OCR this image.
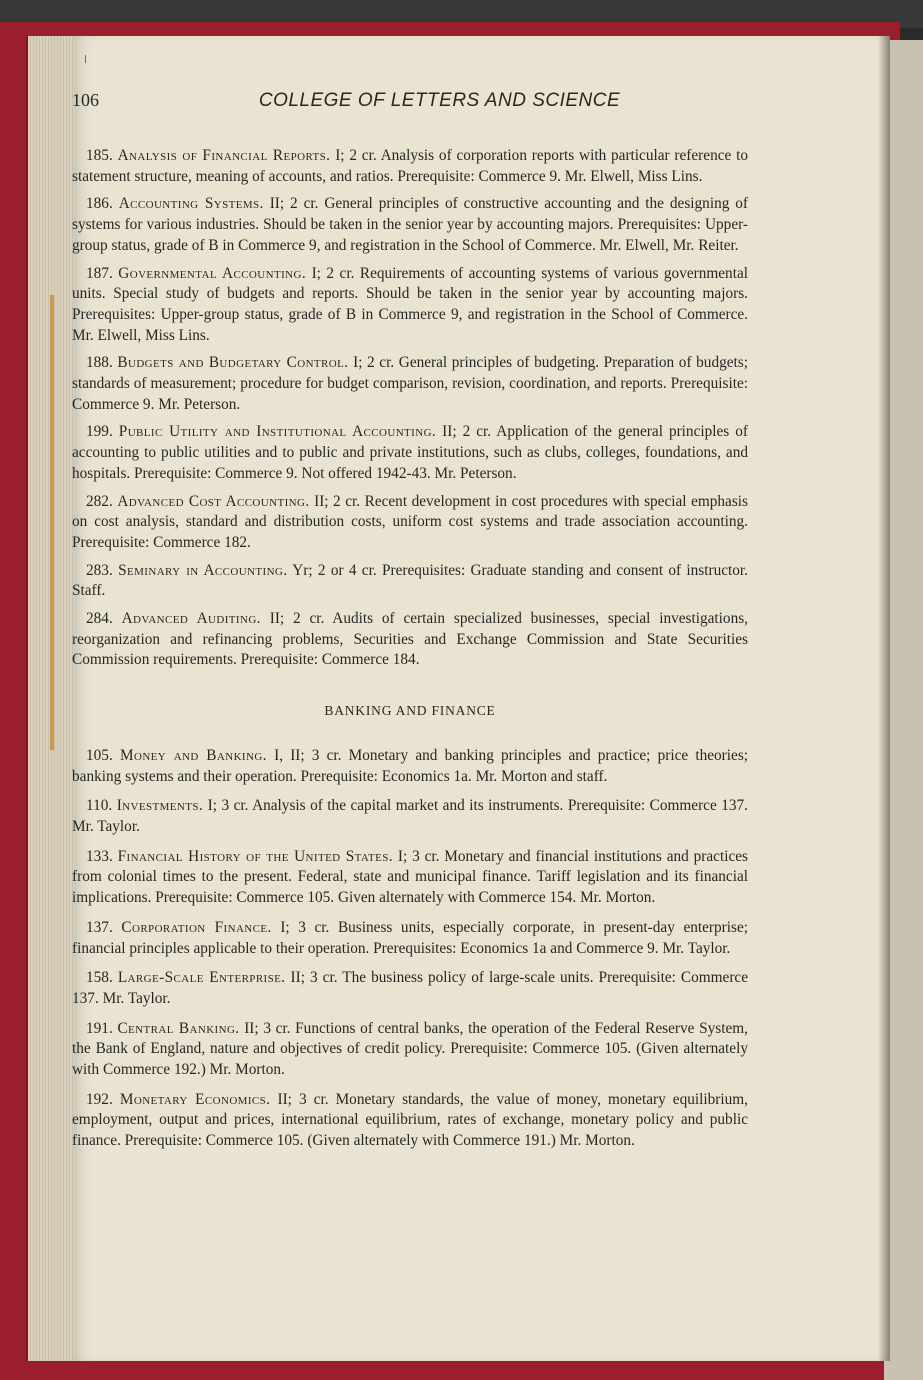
106	COLLEGE OF LETTERS AND SCIENCE

185. Analysis of Financial Reports. I; 2 cr. Analysis of corporation reports with particular reference to statement structure, meaning of accounts, and ratios. Prerequisite: Commerce 9. Mr. Elwell, Miss Lins.

186. Accounting Systems. II; 2 cr. General principles of constructive accounting and the designing of systems for various industries. Should be taken in the senior year by accounting majors. Prerequisites: Upper-group status, grade of B in Commerce 9, and registration in the School of Commerce. Mr. Elwell, Mr. Reiter.

187. Governmental Accounting. I; 2 cr. Requirements of accounting systems of various governmental units. Special study of budgets and reports. Should be taken in the senior year by accounting majors. Prerequisites: Upper-group status, grade of B in Commerce 9, and registration in the School of Commerce. Mr. Elwell, Miss Lins.

188. Budgets and Budgetary Control. I; 2 cr. General principles of budgeting. Preparation of budgets; standards of measurement; procedure for budget comparison, revision, coordination, and reports. Prerequisite: Commerce 9. Mr. Peterson.

199. Public Utility and Institutional Accounting. II; 2 cr. Application of the general principles of accounting to public utilities and to public and private institutions, such as clubs, colleges, foundations, and hospitals. Prerequisite: Commerce 9. Not offered 1942-43. Mr. Peterson.

282. Advanced Cost Accounting. II; 2 cr. Recent development in cost procedures with special emphasis on cost analysis, standard and distribution costs, uniform cost systems and trade association accounting. Prerequisite: Commerce 182.

283. Seminary in Accounting. Yr; 2 or 4 cr. Prerequisites: Graduate standing and consent of instructor. Staff.

284. Advanced Auditing. II; 2 cr. Audits of certain specialized businesses, special investigations, reorganization and refinancing problems, Securities and Exchange Commission and State Securities Commission requirements. Prerequisite: Commerce 184.

BANKING AND FINANCE

105. Money and Banking. I, II; 3 cr. Monetary and banking principles and practice; price theories; banking systems and their operation. Prerequisite: Economics 1a. Mr. Morton and staff.

110. Investments. I; 3 cr. Analysis of the capital market and its instruments. Prerequisite: Commerce 137. Mr. Taylor.

133. Financial History of the United States. I; 3 cr. Monetary and financial institutions and practices from colonial times to the present. Federal, state and municipal finance. Tariff legislation and its financial implications. Prerequisite: Commerce 105. Given alternately with Commerce 154. Mr. Morton.

137. Corporation Finance. I; 3 cr. Business units, especially corporate, in present-day enterprise; financial principles applicable to their operation. Prerequisites: Economics 1a and Commerce 9. Mr. Taylor.

158. Large-Scale Enterprise. II; 3 cr. The business policy of large-scale units. Prerequisite: Commerce 137. Mr. Taylor.

191. Central Banking. II; 3 cr. Functions of central banks, the operation of the Federal Reserve System, the Bank of England, nature and objectives of credit policy. Prerequisite: Commerce 105. (Given alternately with Commerce 192.) Mr. Morton.

192. Monetary Economics. II; 3 cr. Monetary standards, the value of money, monetary equilibrium, employment, output and prices, international equilibrium, rates of exchange, monetary policy and public finance. Prerequisite: Commerce 105. (Given alternately with Commerce 191.) Mr. Morton.
